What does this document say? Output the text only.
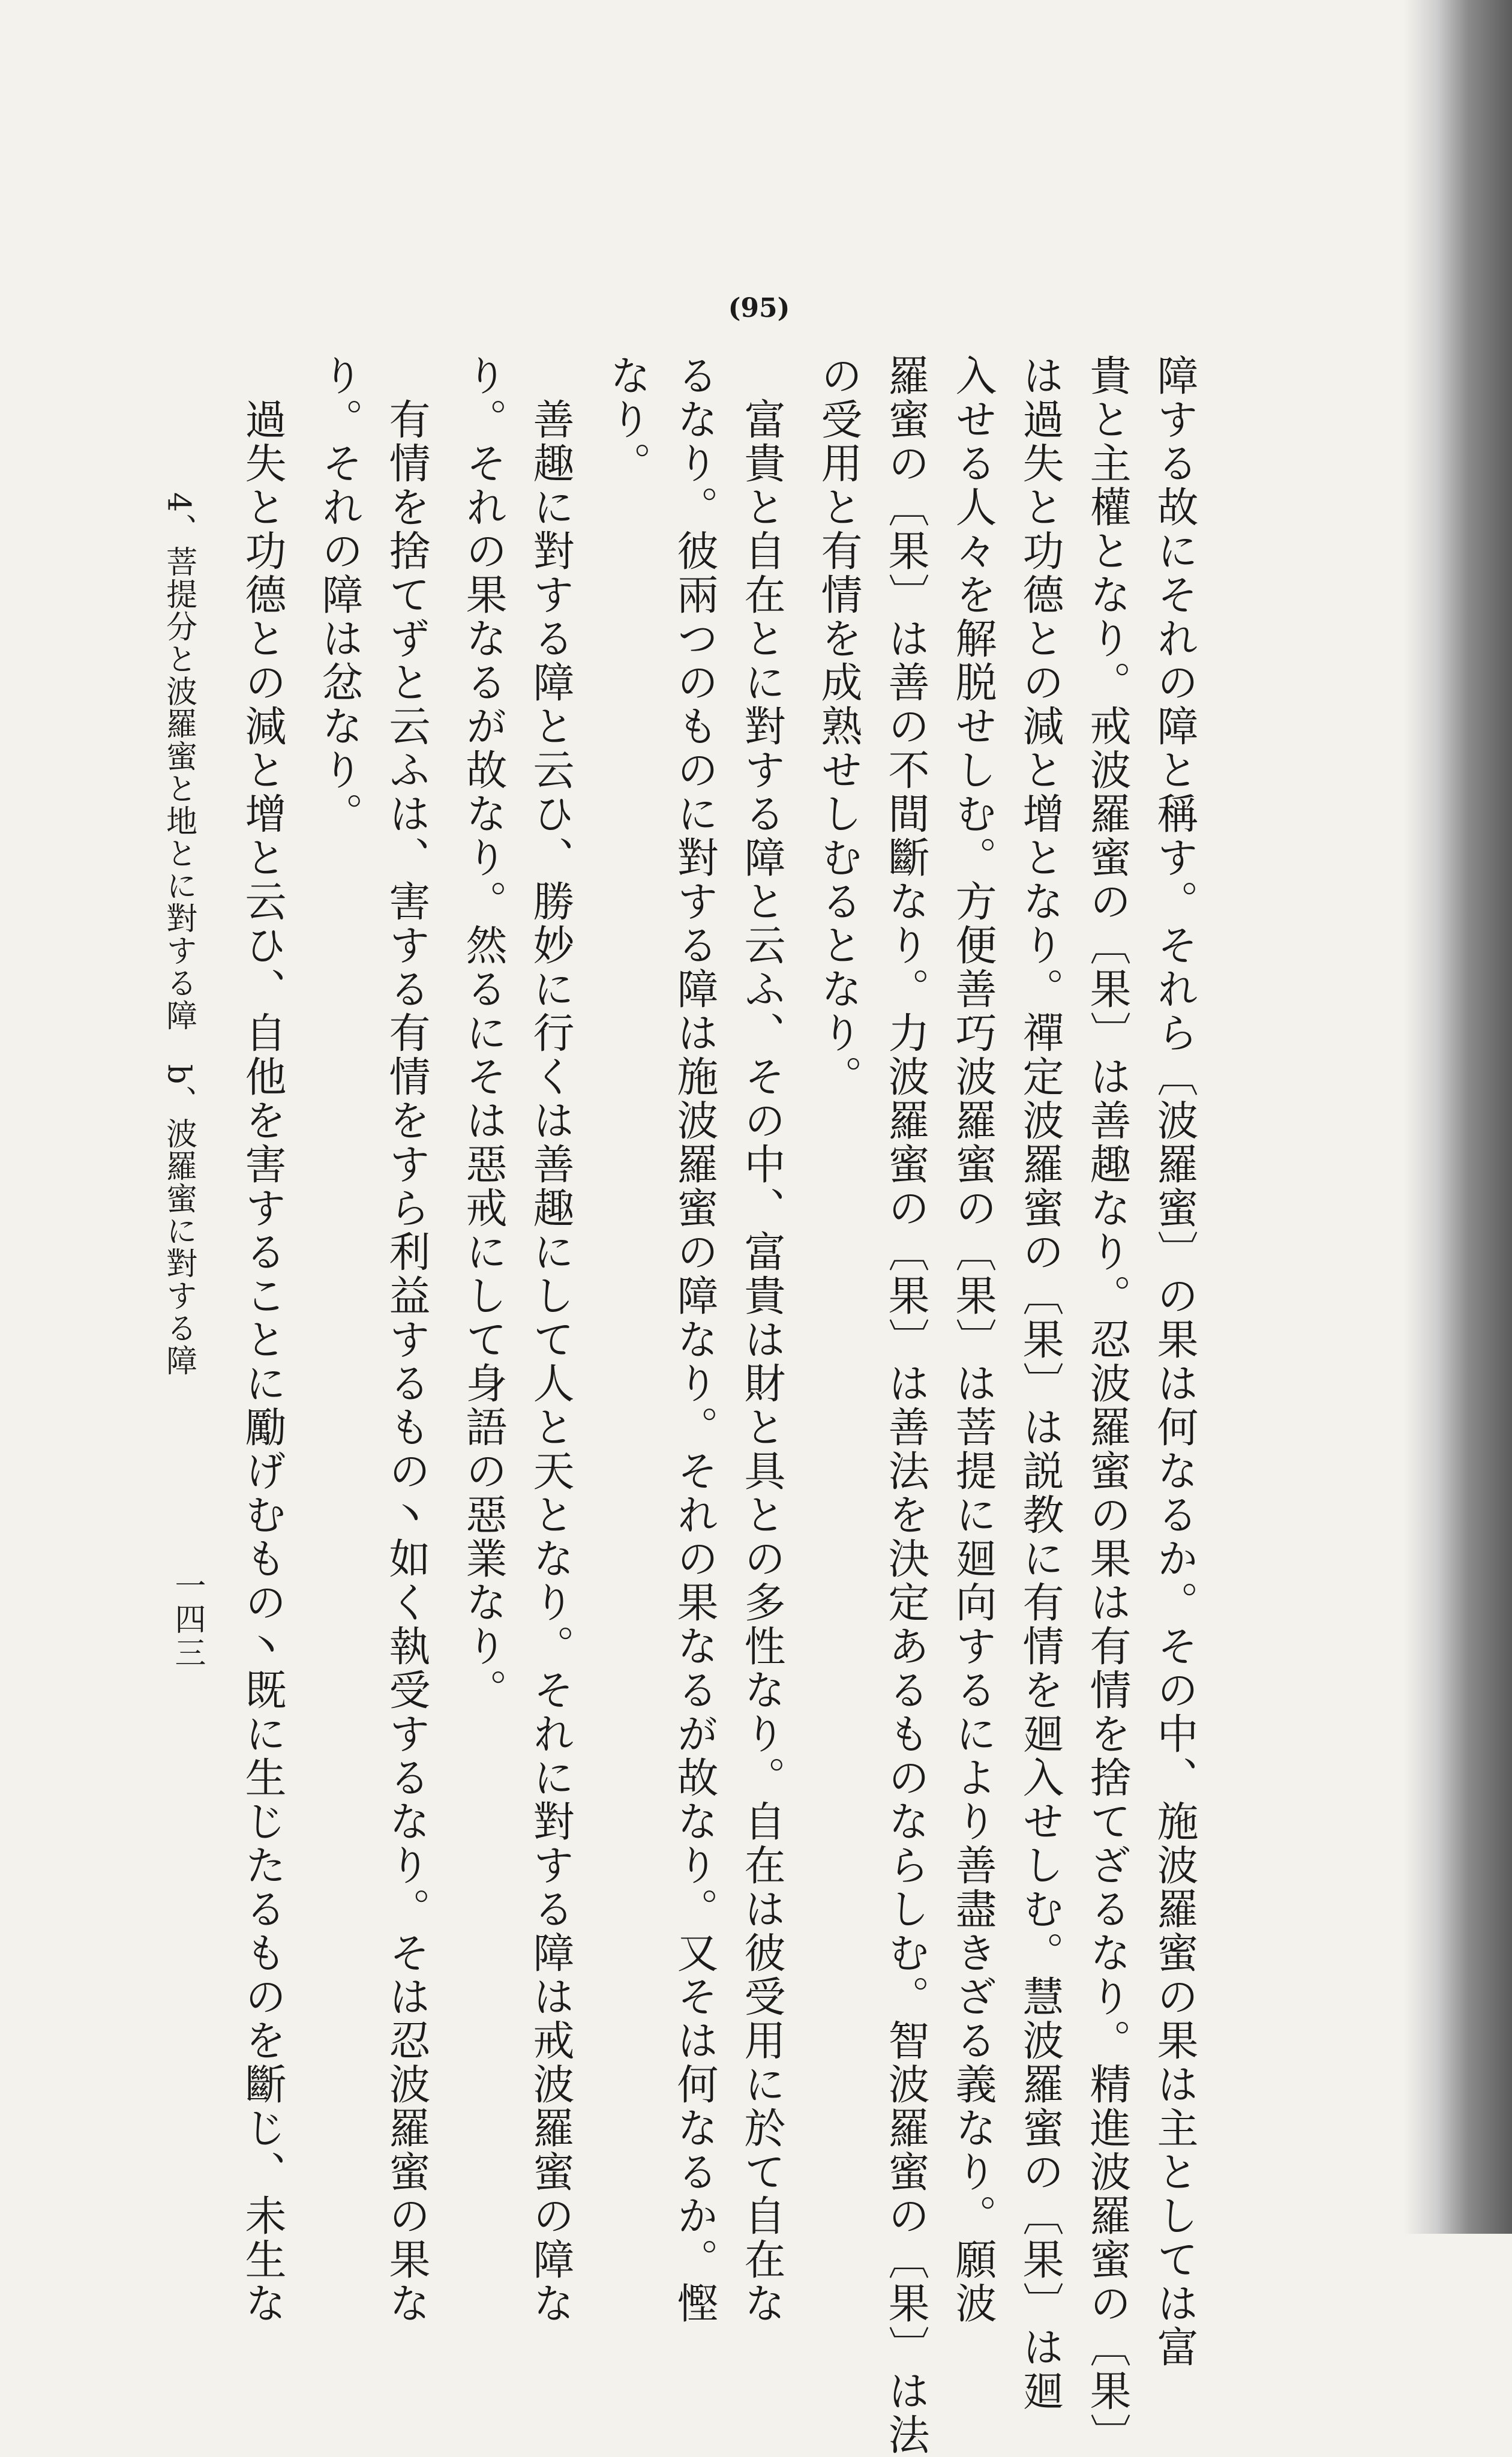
(95)
障する故にそれの障と稱す。それら〔波羅蜜〕の果は何なるか。その中、施波羅蜜の果は主としては富
貴と主權となり。戒波羅蜜の〔果〕は善趣なり。忍波羅蜜の果は有情を捨てざるなり。精進波羅蜜の〔果〕
は過失と功德との減と增となり。禪定波羅蜜の〔果〕は説教に有情を廻入せしむ。慧波羅蜜の〔果〕は廻
入せる人々を解脱せしむ。方便善巧波羅蜜の〔果〕は菩提に廻向するにより善盡きざる義なり。願波
羅蜜の〔果〕は善の不間斷なり。力波羅蜜の〔果〕は善法を決定あるものならしむ。智波羅蜜の〔果〕は法
の受用と有情を成熟せしむるとなり。
　富貴と自在とに對する障と云ふ、その中、富貴は財と具との多性なり。自在は彼受用に於て自在な
るなり。彼兩つのものに對する障は施波羅蜜の障なり。それの果なるが故なり。又そは何なるか。慳
なり。
　善趣に對する障と云ひ、勝妙に行くは善趣にして人と天となり。それに對する障は戒波羅蜜の障な
り。それの果なるが故なり。然るにそは惡戒にして身語の惡業なり。
　有情を捨てずと云ふは、害する有情をすら利益するもの丶如く執受するなり。そは忍波羅蜜の果な
り。それの障は忿なり。
　過失と功德との減と增と云ひ、自他を害することに勵げむもの丶既に生じたるものを斷じ、未生な
4、菩提分と波羅蜜と地とに對する障　b、波羅蜜に對する障
一四三
